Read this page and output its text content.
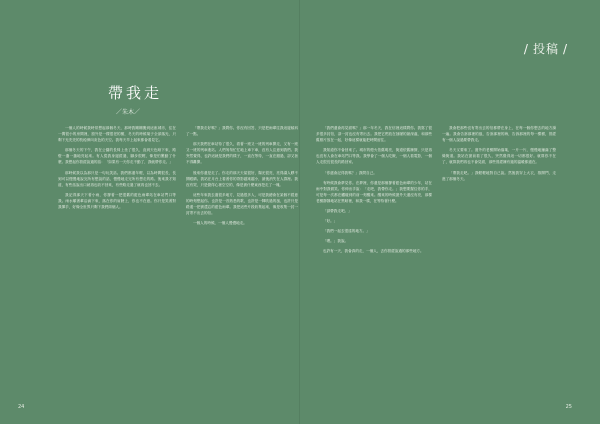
/ 投稿 /
帶我走
／朱木／

一個人的時候我時常想起那個冬天，那時我剛剛搬到這座城市，住在一間很小的房間裡，窗外是一棵很老的樹，冬天的時候葉子全部落光，只剩下光禿禿的枝椏伸向灰色的天空。我每天早上起來都會看見它。

那個冬天的下午，我在公園的長椅上坐了很久，直到天色暗下來，路燈一盞一盞地亮起來。有人從我身邊經過，腳步很輕，像是怕驚動了什麼。我想起你曾經說過的話：「如果有一天你走不動了，我就帶你走。」

那時候我以為那只是一句玩笑話。我們都還年輕，以為時間很長，長到可以慢慢地說完所有想說的話，慢慢地走完所有想走的路。後來我才知道，有些話說出口就再也收不回來，有些路走過了就再也回不去。

我記得那天下著小雨，你撐著一把很舊的藍色雨傘站在車站門口等我。雨水順著傘沿滴下來，落在你的肩膀上，你也不在意。你只是笑著對我揮手，好像全世界只剩下我們兩個人。

「帶我走好嗎？」我問你。你沒有回答，只是把雨傘往我這邊傾斜了一點。

那天我們在車站待了很久，看著一班又一班的列車開走，又有一班又一班的列車進站。人們匆匆忙忙地上車下車，沒有人注意到我們。我突然覺得，也許這就是我們的樣子，一直在等待，一直在錯過，卻又捨不得離開。

後來你還是走了。你走的那天天氣很好，陽光很亮，亮得讓人睜不開眼睛。我站在月台上看著你的背影越來越小，最後消失在人群裡。我沒有哭，只是覺得心裡空空的，像是被什麼東西挖走了一塊。

這些年來我去過很多地方，見過很多人，可是我總會在某個不經意的時刻想起你。也許是一首熟悉的歌，也許是一陣吹過的風，也許只是路邊一把被遺忘的藍色雨傘。我把這些片段收集起來，像是收集一封一封寄不出去的信。

一個人的時候，一個人慢慢地走。

「我們還會再見面嗎？」那一年冬天，我在信裡這樣問你。我寫了很多很多封信，卻一封也沒有寄出去。我把它們放在抽屜的最深處，和那些舊照片放在一起，好像這樣就能把時間留住。

我知道你不會回來了。城市的燈火依舊明亮，街道依舊擁擠，只是再也沒有人會在車站門口等我。我學會了一個人吃飯，一個人看電影，一個人走很長很長的路回家。

「你還會記得我嗎？」我問自己。

有時候我會夢見你。在夢裡，你還是那個撐著藍色雨傘的少年，站在雨中對我微笑。你伸出手說：「走吧，我帶你走。」我想要握住你的手，可是每一次都在觸碰到的前一刻醒來。醒來的時候窗外天還沒有亮，那棵老樹靜靜地站在黑暗裡，和我一樣，在等待著什麼。

「請帶我走吧。」

「好。」

「我們一起去很遠的地方。」

「嗯。」我說。

也許有一天，我會真的走，一個人，去你曾經說過的那些地方。

我會把那些沒有寄出去的信都帶在身上，在每一個你想去的地方讀一遍。我會告訴那裡的風，告訴那裡的海，告訴那裡的每一棵樹，曾經有一個人說過要帶我走。

冬天又要來了。窗外的老樹開始落葉，一片一片，慢慢地鋪滿了整條街道。我站在窗前看了很久，突然覺得這一切都很好。就算你不在了，就算我們再也不會見面，那些曾經擁有過的溫暖都還在。

「帶我走吧。」我輕輕地對自己說。然後我穿上大衣，推開門，走進了那個冬天。

24	25
